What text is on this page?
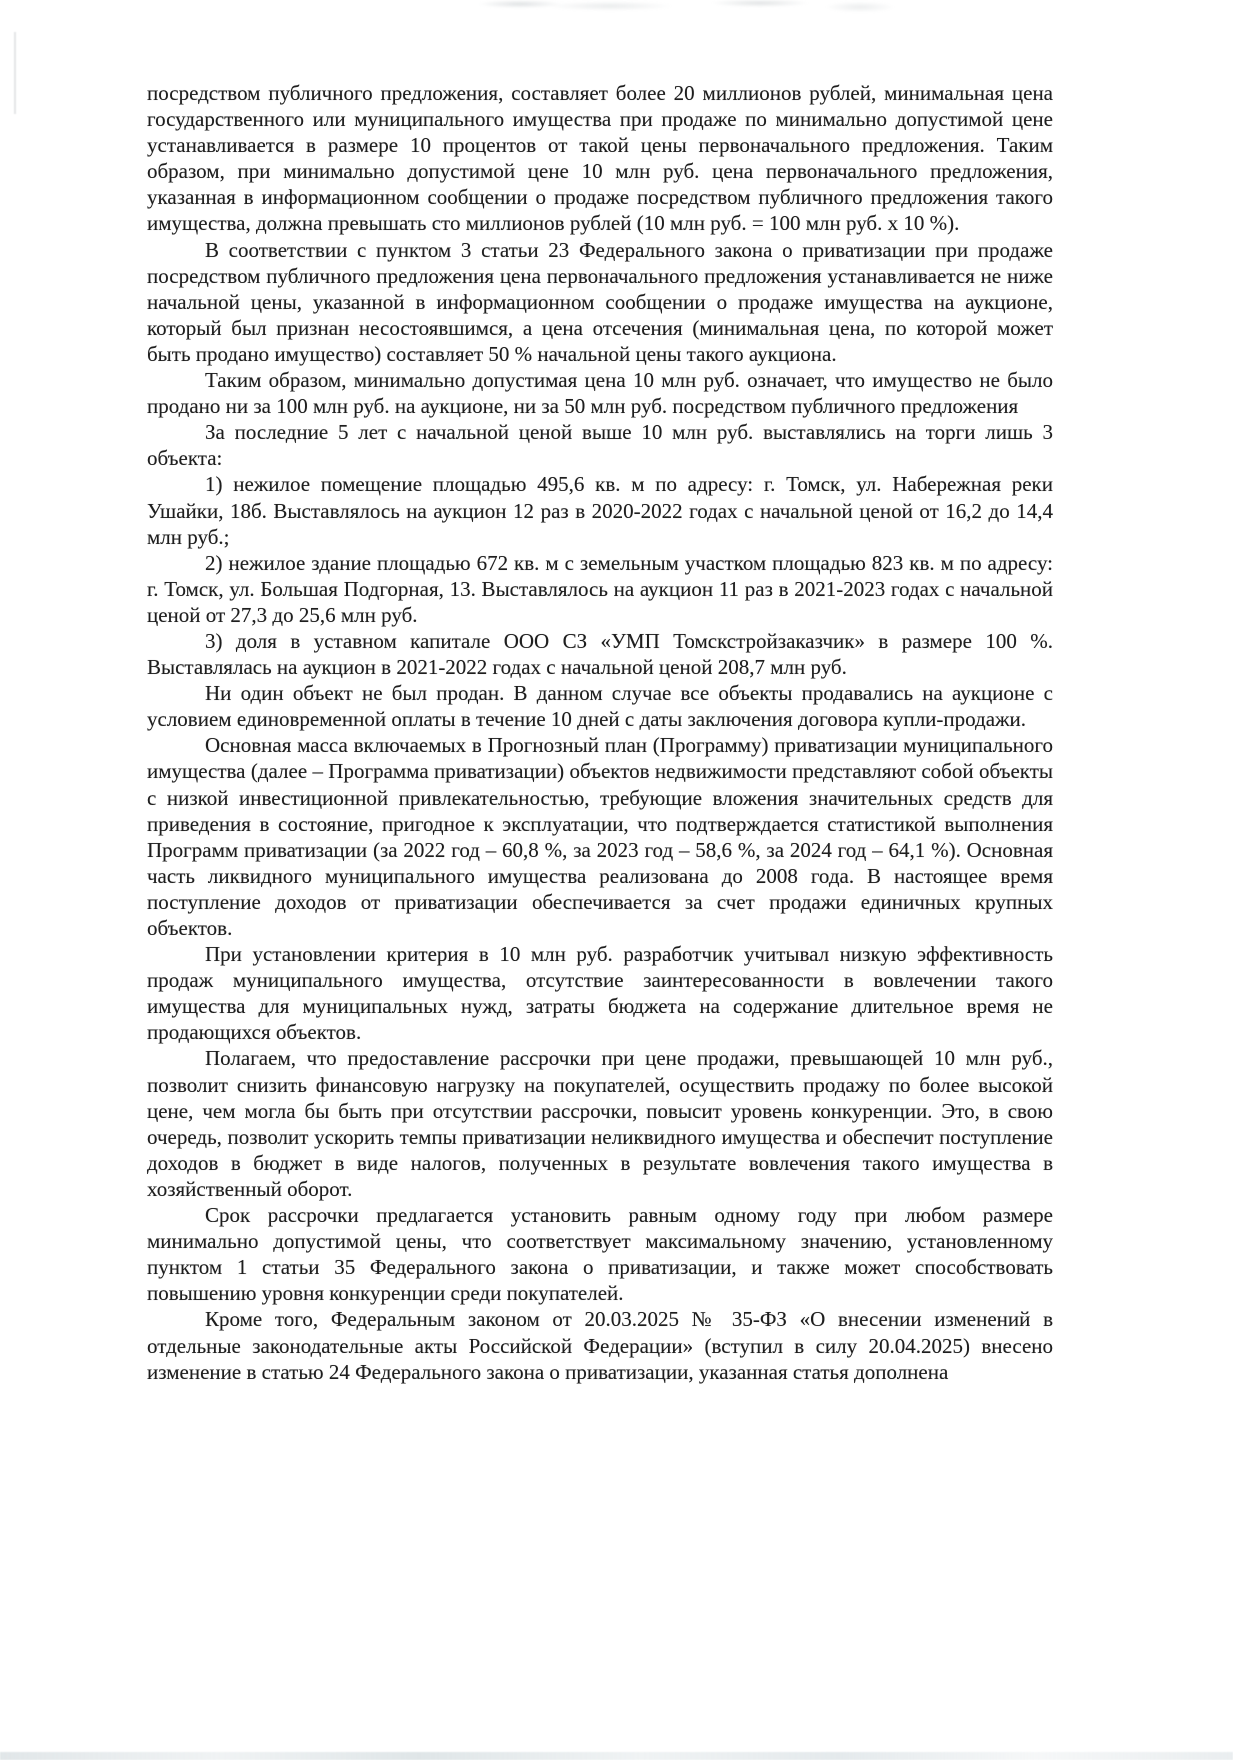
посредством публичного предложения, составляет более 20 миллионов рублей, минимальная цена государственного или муниципального имущества при продаже по минимально допустимой цене устанавливается в размере 10 процентов от такой цены первоначального предложения. Таким образом, при минимально допустимой цене 10 млн руб. цена первоначального предложения, указанная в информационном сообщении о продаже посредством публичного предложения такого имущества, должна превышать сто миллионов рублей (10 млн руб. = 100 млн руб. х 10 %).

В соответствии с пунктом 3 статьи 23 Федерального закона о приватизации при продаже посредством публичного предложения цена первоначального предложения устанавливается не ниже начальной цены, указанной в информационном сообщении о продаже имущества на аукционе, который был признан несостоявшимся, а цена отсечения (минимальная цена, по которой может быть продано имущество) составляет 50 % начальной цены такого аукциона.

Таким образом, минимально допустимая цена 10 млн руб. означает, что имущество не было продано ни за 100 млн руб. на аукционе, ни за 50 млн руб. посредством публичного предложения

За последние 5 лет с начальной ценой выше 10 млн руб. выставлялись на торги лишь 3 объекта:

1) нежилое помещение площадью 495,6 кв. м по адресу: г. Томск, ул. Набережная реки Ушайки, 18б. Выставлялось на аукцион 12 раз в 2020-2022 годах с начальной ценой от 16,2 до 14,4 млн руб.;

2) нежилое здание площадью 672 кв. м с земельным участком площадью 823 кв. м по адресу: г. Томск, ул. Большая Подгорная, 13. Выставлялось на аукцион 11 раз в 2021-2023 годах с начальной ценой от 27,3 до 25,6 млн руб.

3) доля в уставном капитале ООО СЗ «УМП Томскстройзаказчик» в размере 100 %. Выставлялась на аукцион в 2021-2022 годах с начальной ценой 208,7 млн руб.

Ни один объект не был продан. В данном случае все объекты продавались на аукционе с условием единовременной оплаты в течение 10 дней с даты заключения договора купли-продажи.

Основная масса включаемых в Прогнозный план (Программу) приватизации муниципального имущества (далее – Программа приватизации) объектов недвижимости представляют собой объекты с низкой инвестиционной привлекательностью, требующие вложения значительных средств для приведения в состояние, пригодное к эксплуатации, что подтверждается статистикой выполнения Программ приватизации (за 2022 год – 60,8 %, за 2023 год – 58,6 %, за 2024 год – 64,1 %). Основная часть ликвидного муниципального имущества реализована до 2008 года. В настоящее время поступление доходов от приватизации обеспечивается за счет продажи единичных крупных объектов.

При установлении критерия в 10 млн руб. разработчик учитывал низкую эффективность продаж муниципального имущества, отсутствие заинтересованности в вовлечении такого имущества для муниципальных нужд, затраты бюджета на содержание длительное время не продающихся объектов.

Полагаем, что предоставление рассрочки при цене продажи, превышающей 10 млн руб., позволит снизить финансовую нагрузку на покупателей, осуществить продажу по более высокой цене, чем могла бы быть при отсутствии рассрочки, повысит уровень конкуренции. Это, в свою очередь, позволит ускорить темпы приватизации неликвидного имущества и обеспечит поступление доходов в бюджет в виде налогов, полученных в результате вовлечения такого имущества в хозяйственный оборот.

Срок рассрочки предлагается установить равным одному году при любом размере минимально допустимой цены, что соответствует максимальному значению, установленному пунктом 1 статьи 35 Федерального закона о приватизации, и также может способствовать повышению уровня конкуренции среди покупателей.

Кроме того, Федеральным законом от 20.03.2025 № 35-ФЗ «О внесении изменений в отдельные законодательные акты Российской Федерации» (вступил в силу 20.04.2025) внесено изменение в статью 24 Федерального закона о приватизации, указанная статья дополнена
